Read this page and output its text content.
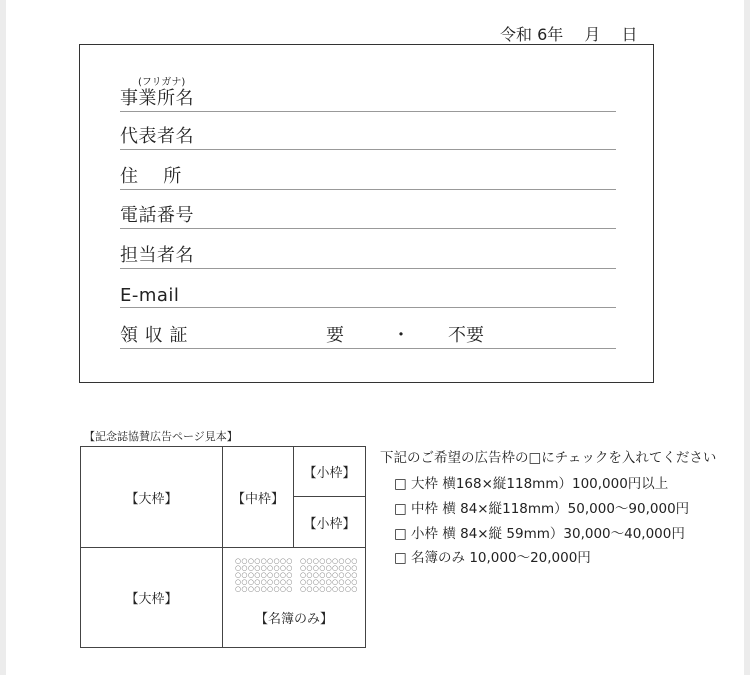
令和 6年　 月　 日
(フリガナ)
事業所名
代表者名
住　 所
電話番号
担当者名
E-mail
領 収 証	要	・ 不要
【記念誌協賛広告ページ見本】
【大枠】	【中枠】
【小枠】
【小枠】
【大枠】
○○○○○○○○○　○○○○○○○○○
○○○○○○○○○　○○○○○○○○○
○○○○○○○○○　○○○○○○○○○
○○○○○○○○○　○○○○○○○○○
○○○○○○○○○　○○○○○○○○○
【名簿のみ】
下記のご希望の広告枠の□にチェックを入れてください
□ 大枠 横168×縦118mm）100,000円以上
□ 中枠 横 84×縦118mm）50,000〜90,000円
□ 小枠 横 84×縦 59mm）30,000〜40,000円
□ 名簿のみ 10,000〜20,000円
